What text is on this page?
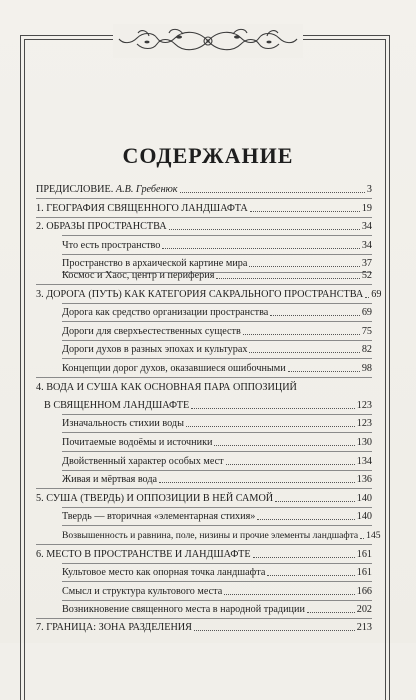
СОДЕРЖАНИЕ
ПРЕДИСЛОВИЕ. А.В. Гребенюк	3
1. ГЕОГРАФИЯ СВЯЩЕННОГО ЛАНДШАФТА	19
2. ОБРАЗЫ ПРОСТРАНСТВА	34
Что есть пространство	34
Пространство в архаической картине мира	37
Космос и Хаос, центр и периферия	52
3. ДОРОГА (ПУТЬ) КАК КАТЕГОРИЯ САКРАЛЬНОГО ПРОСТРАНСТВА 69
Дорога как средство организации пространства	69
Дороги для сверхъестественных существ	75
Дороги духов в разных эпохах и культурах	82
Концепции дорог духов, оказавшиеся ошибочными	98
4. ВОДА И СУША КАК ОСНОВНАЯ ПАРА ОППОЗИЦИЙ
В СВЯЩЕННОМ ЛАНДШАФТЕ	123
Изначальность стихии воды	123
Почитаемые водоёмы и источники	130
Двойственный характер особых мест	134
Живая и мёртвая вода	136
5. СУША (ТВЕРДЬ) И ОППОЗИЦИИ В НЕЙ САМОЙ	140
Твердь — вторичная «элементарная стихия»	140
Возвышенность и равнина, поле, низины и прочие элементы ландшафта 145
6. МЕСТО В ПРОСТРАНСТВЕ И ЛАНДШАФТЕ	161
Культовое место как опорная точка ландшафта	161
Смысл и структура культового места	166
Возникновение священного места в народной традиции	202
7. ГРАНИЦА: ЗОНА РАЗДЕЛЕНИЯ	213
